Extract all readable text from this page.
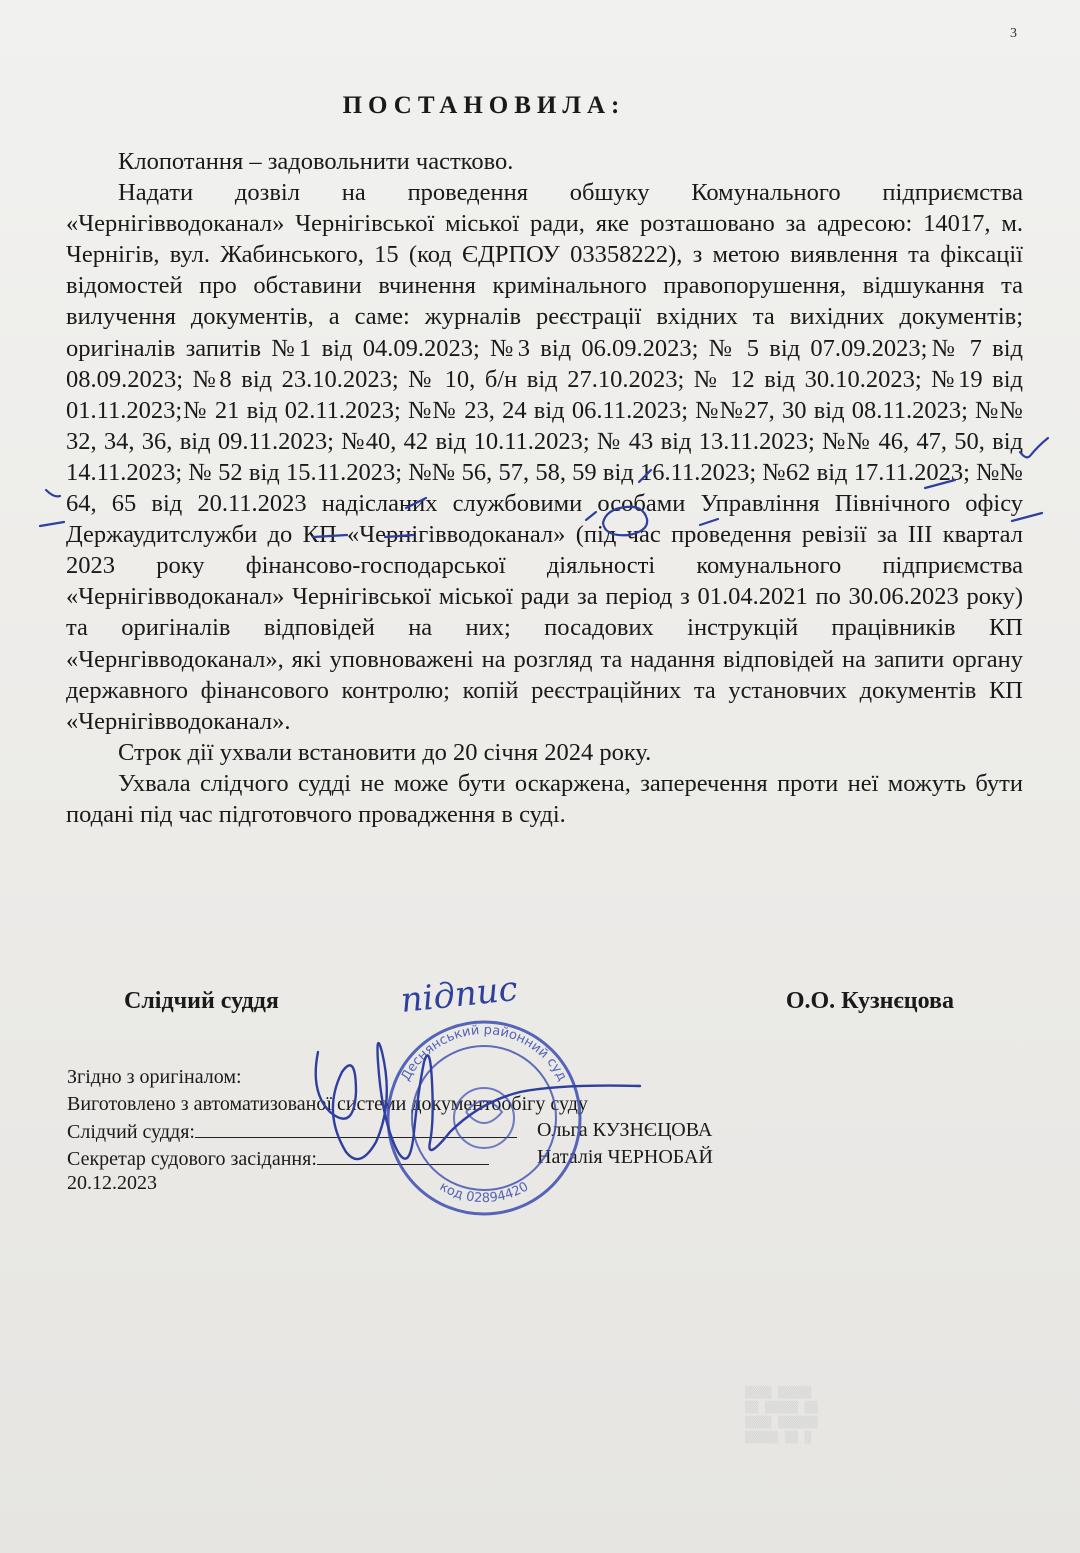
3
ПОСТАНОВИЛА:

Клопотання – задовольнити частково.

Надати дозвіл на проведення обшуку Комунального підприємства «Чернігівводоканал» Чернігівської міської ради, яке розташовано за адресою: 14017, м. Чернігів, вул. Жабинського, 15 (код ЄДРПОУ 03358222), з метою виявлення та фіксації відомостей про обставини вчинення кримінального правопорушення, відшукання та вилучення документів, а саме: журналів реєстрації вхідних та вихідних документів; оригіналів запитів №1 від 04.09.2023; №3 від 06.09.2023; № 5 від 07.09.2023;№ 7 від 08.09.2023; №8 від 23.10.2023; № 10, б/н від 27.10.2023; № 12 від 30.10.2023; №19 від 01.11.2023;№ 21 від 02.11.2023; №№ 23, 24 від 06.11.2023; №№27, 30 від 08.11.2023; №№ 32, 34, 36, від 09.11.2023; №40, 42 від 10.11.2023; № 43 від 13.11.2023; №№ 46, 47, 50, від 14.11.2023; № 52 від 15.11.2023; №№ 56, 57, 58, 59 від 16.11.2023; №62 від 17.11.2023; №№ 64, 65 від 20.11.2023 надісланих службовими особами Управління Північного офісу Держаудитслужби до КП «Чернігівводоканал» (під час проведення ревізії за III квартал 2023 року фінансово-господарської діяльності комунального підприємства «Чернігівводоканал» Чернігівської міської ради за період з 01.04.2021 по 30.06.2023 року) та оригіналів відповідей на них; посадових інструкцій працівників КП «Чернгівводоканал», які уповноважені на розгляд та надання відповідей на запити органу державного фінансового контролю; копій реєстраційних та установчих документів КП «Чернігівводоканал».

Строк дії ухвали встановити до 20 січня 2024 року.

Ухвала слідчого судді не може бути оскаржена, заперечення проти неї можуть бути подані під час підготовчого провадження в суді.

Слідчий суддя	О.О. Кузнєцова
Згідно з оригіналом:
Виготовлено з автоматизованої системи документообігу суду
Слідчий суддя:	Ольга КУЗНЄЦОВА
Секретар судового засідання:	Наталія ЧЕРНОБАЙ
20.12.2023
▒▒▒▒ ▒▒▒▒▒
▒▒ ▒▒▒▒▒ ▒▒
▒▒▒▒ ▒▒▒▒▒▒
▒▒▒▒▒ ▒▒ ▒
підпис
Деснянський районний суд
код 02894420
